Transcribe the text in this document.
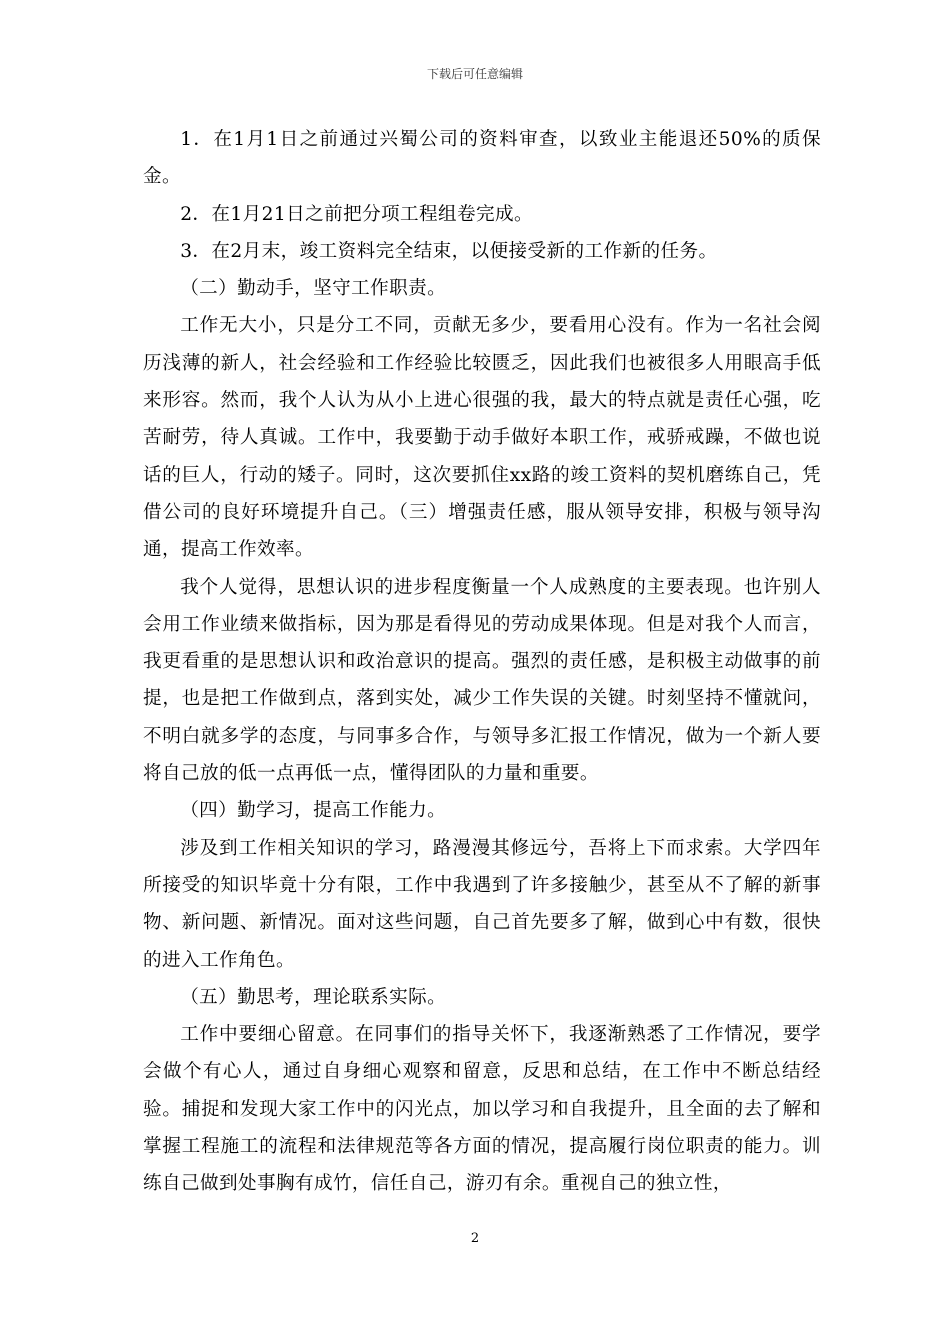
下载后可任意编辑

1．在1月1日之前通过兴蜀公司的资料审查，以致业主能退还50%的质保金。

2．在1月21日之前把分项工程组卷完成。

3．在2月末，竣工资料完全结束，以便接受新的工作新的任务。

（二）勤动手，坚守工作职责。

工作无大小，只是分工不同，贡献无多少，要看用心没有。作为一名社会阅历浅薄的新人，社会经验和工作经验比较匮乏，因此我们也被很多人用眼高手低来形容。然而，我个人认为从小上进心很强的我，最大的特点就是责任心强，吃苦耐劳，待人真诚。工作中，我要勤于动手做好本职工作，戒骄戒躁，不做也说话的巨人，行动的矮子。同时，这次要抓住xx路的竣工资料的契机磨练自己，凭借公司的良好环境提升自己。（三）增强责任感，服从领导安排，积极与领导沟通，提高工作效率。

我个人觉得，思想认识的进步程度衡量一个人成熟度的主要表现。也许别人会用工作业绩来做指标，因为那是看得见的劳动成果体现。但是对我个人而言，我更看重的是思想认识和政治意识的提高。强烈的责任感，是积极主动做事的前提，也是把工作做到点，落到实处，减少工作失误的关键。时刻坚持不懂就问，不明白就多学的态度，与同事多合作，与领导多汇报工作情况，做为一个新人要将自己放的低一点再低一点，懂得团队的力量和重要。

（四）勤学习，提高工作能力。

涉及到工作相关知识的学习，路漫漫其修远兮，吾将上下而求索。大学四年所接受的知识毕竟十分有限，工作中我遇到了许多接触少，甚至从不了解的新事物、新问题、新情况。面对这些问题，自己首先要多了解，做到心中有数，很快的进入工作角色。

（五）勤思考，理论联系实际。

工作中要细心留意。在同事们的指导关怀下，我逐渐熟悉了工作情况，要学会做个有心人，通过自身细心观察和留意，反思和总结，在工作中不断总结经验。捕捉和发现大家工作中的闪光点，加以学习和自我提升，且全面的去了解和掌握工程施工的流程和法律规范等各方面的情况，提高履行岗位职责的能力。训练自己做到处事胸有成竹，信任自己，游刃有余。重视自己的独立性，

2
